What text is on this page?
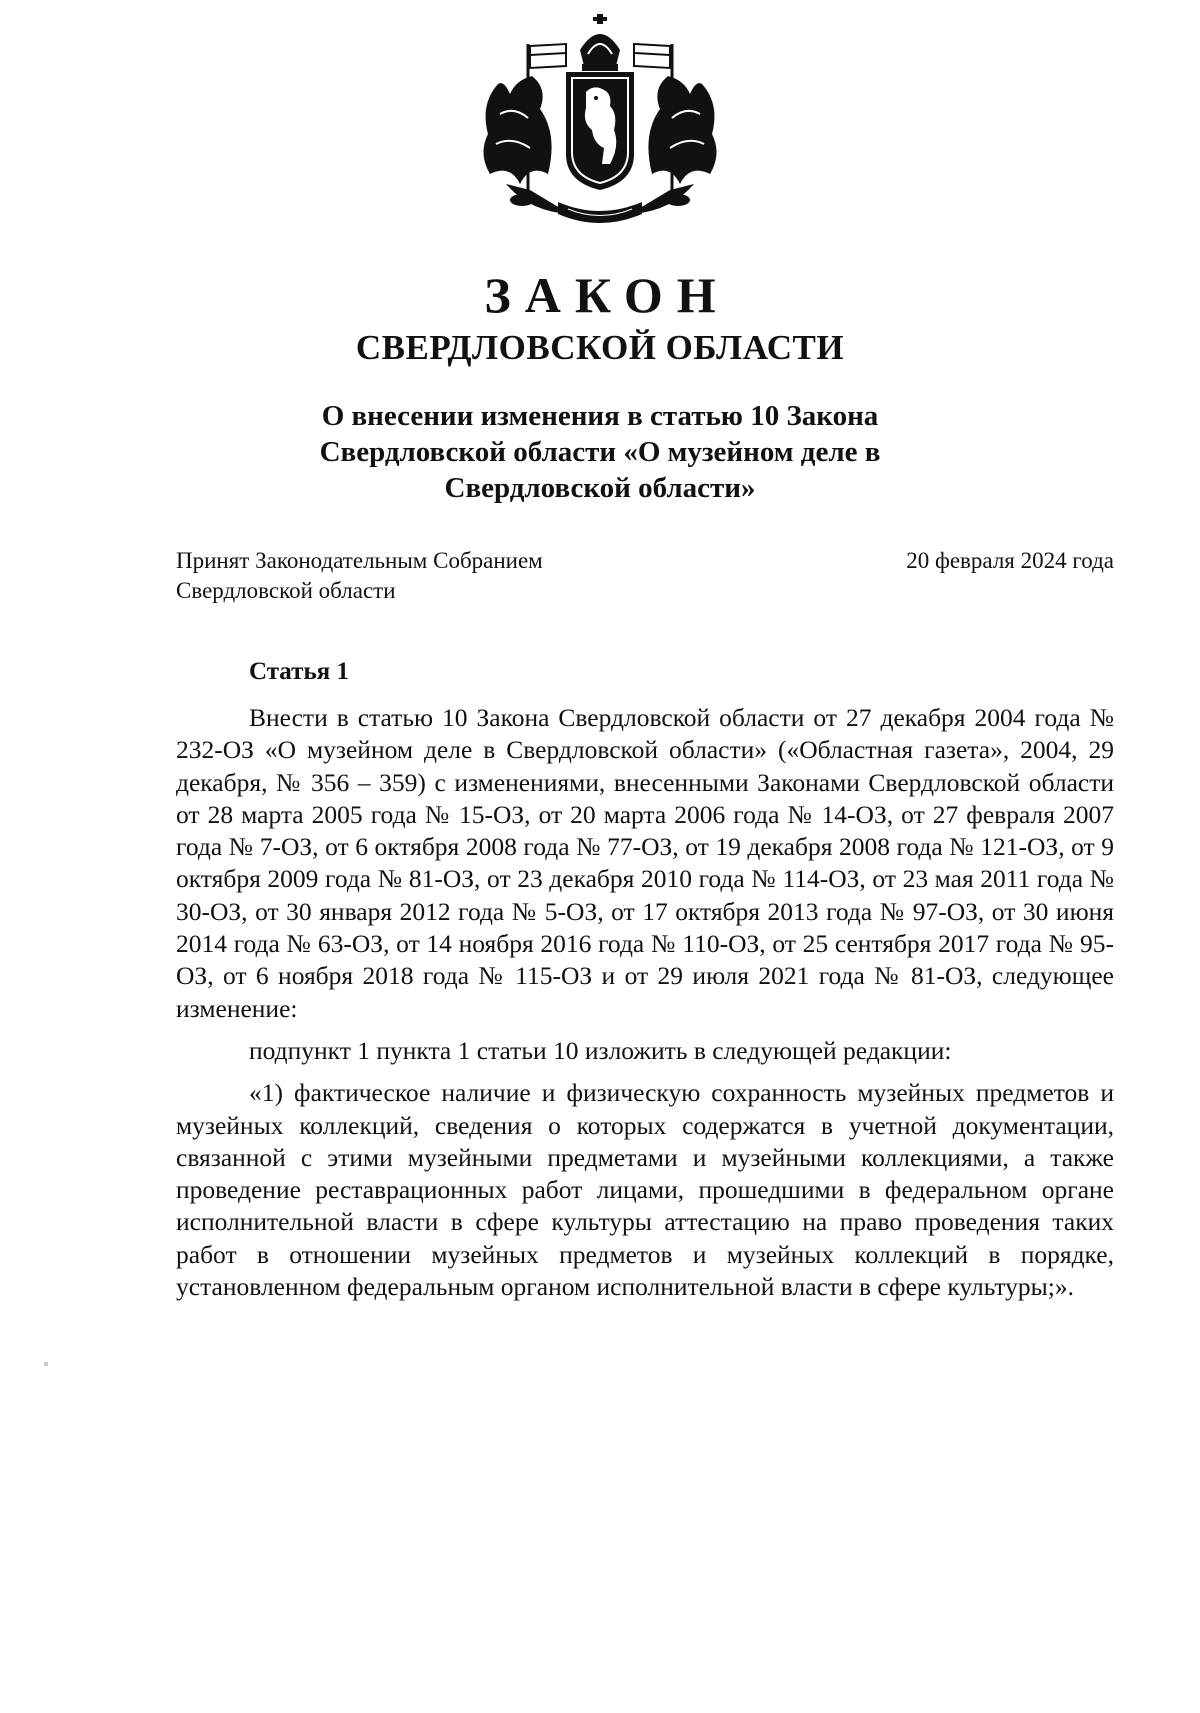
ЗАКОН
СВЕРДЛОВСКОЙ ОБЛАСТИ
О внесении изменения в статью 10 Закона
Свердловской области «О музейном деле в
Свердловской области»
Принят Законодательным Собранием
Свердловской области
20 февраля 2024 года
Статья 1

Внести в статью 10 Закона Свердловской области от 27 декабря 2004 года № 232-ОЗ «О музейном деле в Свердловской области» («Областная газета», 2004, 29 декабря, № 356 – 359) с изменениями, внесенными Законами Свердловской области от 28 марта 2005 года № 15-ОЗ, от 20 марта 2006 года № 14-ОЗ, от 27 февраля 2007 года № 7-ОЗ, от 6 октября 2008 года № 77-ОЗ, от 19 декабря 2008 года № 121-ОЗ, от 9 октября 2009 года № 81-ОЗ, от 23 декабря 2010 года № 114-ОЗ, от 23 мая 2011 года № 30-ОЗ, от 30 января 2012 года № 5-ОЗ, от 17 октября 2013 года № 97-ОЗ, от 30 июня 2014 года № 63-ОЗ, от 14 ноября 2016 года № 110-ОЗ, от 25 сентября 2017 года № 95-ОЗ, от 6 ноября 2018 года № 115-ОЗ и от 29 июля 2021 года № 81-ОЗ, следующее изменение:

подпункт 1 пункта 1 статьи 10 изложить в следующей редакции:

«1) фактическое наличие и физическую сохранность музейных предметов и музейных коллекций, сведения о которых содержатся в учетной документации, связанной с этими музейными предметами и музейными коллекциями, а также проведение реставрационных работ лицами, прошедшими в федеральном органе исполнительной власти в сфере культуры аттестацию на право проведения таких работ в отношении музейных предметов и музейных коллекций в порядке, установленном федеральным органом исполнительной власти в сфере культуры;».
